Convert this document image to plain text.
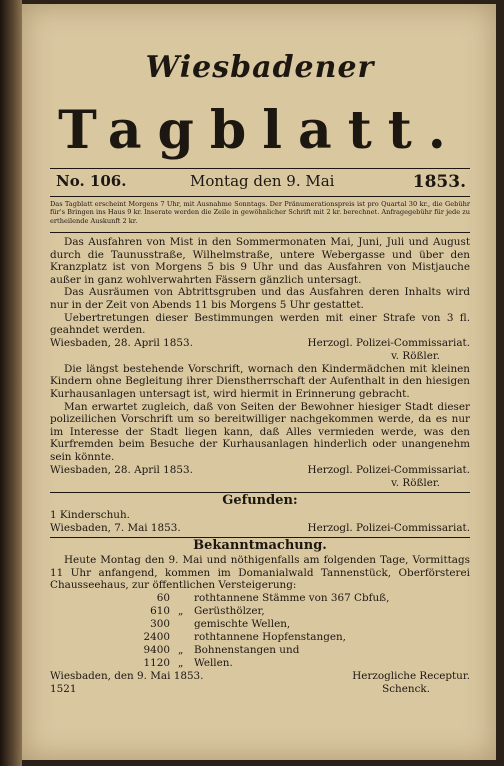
Wiesbadener
Tagblatt.
No. 106.	Montag den 9. Mai	1853.
Das Tagblatt erscheint Morgens 7 Uhr, mit Ausnahme Sonntags. Der Pränumerationspreis ist pro Quartal 30 kr., die Gebühr für's Bringen ins Haus 9 kr. Inserate werden die Zeile in gewöhnlicher Schrift mit 2 kr. berechnet. Anfragegebühr für jede zu ertheilende Auskunft 2 kr.

Das Ausfahren von Mist in den Sommermonaten Mai, Juni, Juli und August durch die Taunusstraße, Wilhelmstraße, untere Webergasse und über den Kranzplatz ist von Morgens 5 bis 9 Uhr und das Ausfahren von Mistjauche außer in ganz wohlverwahrten Fässern gänzlich untersagt.

Das Ausräumen von Abtrittsgruben und das Ausfahren deren Inhalts wird nur in der Zeit von Abends 11 bis Morgens 5 Uhr gestattet.

Uebertretungen dieser Bestimmungen werden mit einer Strafe von 3 fl. geahndet werden.

Wiesbaden, 28. April 1853.	Herzogl. Polizei-Commissariat.
v. Rößler.

Die längst bestehende Vorschrift, wornach den Kindermädchen mit kleinen Kindern ohne Begleitung ihrer Dienstherrschaft der Aufenthalt in den hiesigen Kurhausanlagen untersagt ist, wird hiermit in Erinnerung gebracht.

Man erwartet zugleich, daß von Seiten der Bewohner hiesiger Stadt dieser polizeilichen Vorschrift um so bereitwilliger nachgekommen werde, da es nur im Interesse der Stadt liegen kann, daß Alles vermieden werde, was den Kurfremden beim Besuche der Kurhausanlagen hinderlich oder unangenehm sein könnte.

Wiesbaden, 28. April 1853.	Herzogl. Polizei-Commissariat.
v. Rößler.
Gefunden:
1 Kinderschuh.
Wiesbaden, 7. Mai 1853.	Herzogl. Polizei-Commissariat.
Bekanntmachung.

Heute Montag den 9. Mai und nöthigenfalls am folgenden Tage, Vormittags 11 Uhr anfangend, kommen im Domanialwald Tannenstück, Oberförsterei Chausseehaus, zur öffentlichen Versteigerung:

60 rothtannene Stämme von 367 Cbfuß,
610 „ Gerüsthölzer,
300 gemischte Wellen,
2400 rothtannene Hopfenstangen,
9400 „ Bohnenstangen und
1120 „ Wellen.
Wiesbaden, den 9. Mai 1853.	Herzogliche Receptur.
1521	Schenck.
